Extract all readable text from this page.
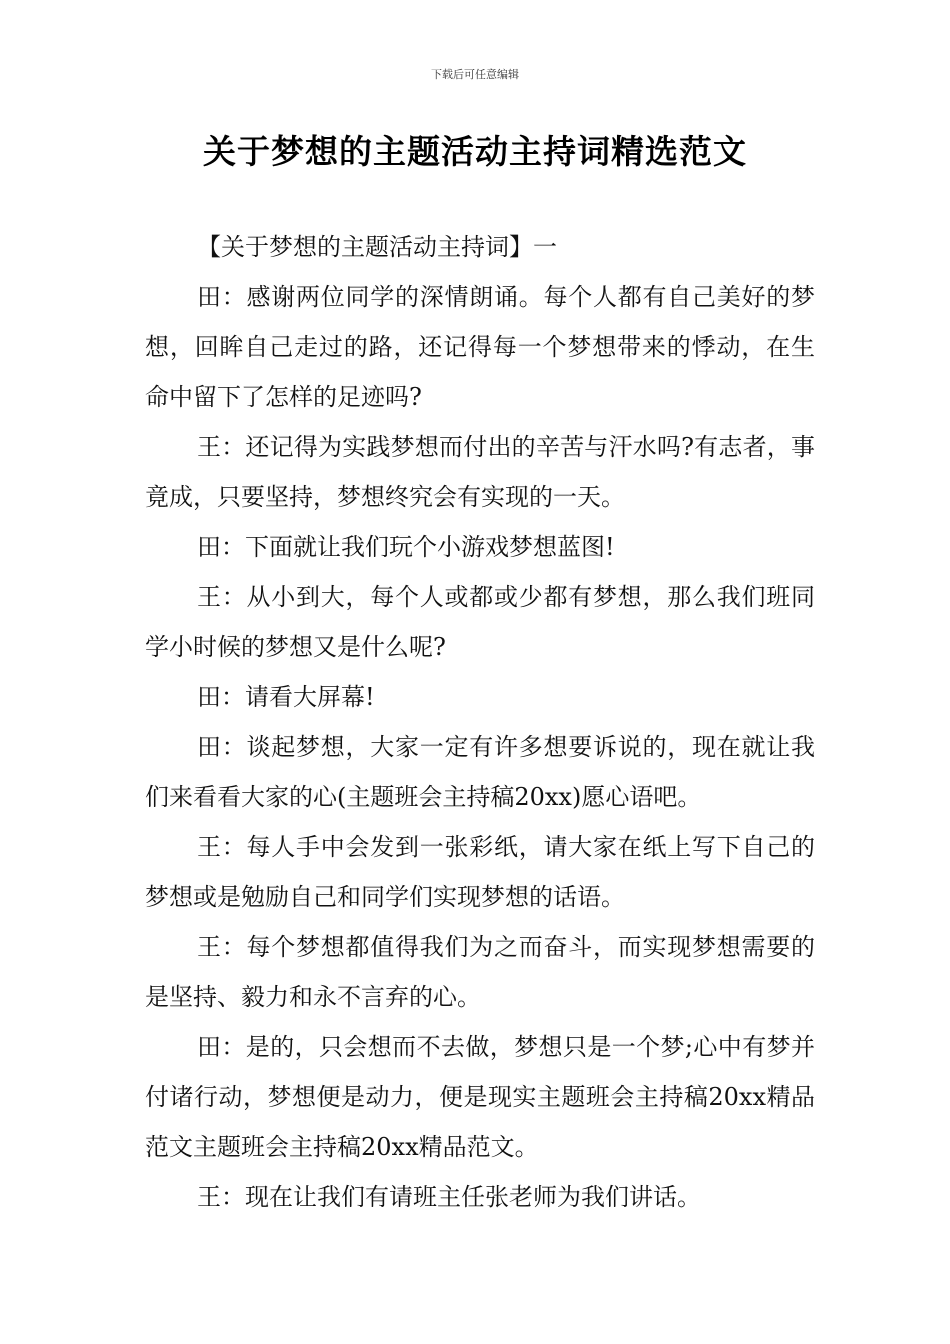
下载后可任意编辑
关于梦想的主题活动主持词精选范文

【关于梦想的主题活动主持词】一

田：感谢两位同学的深情朗诵。每个人都有自己美好的梦想，回眸自己走过的路，还记得每一个梦想带来的悸动，在生命中留下了怎样的足迹吗?

王：还记得为实践梦想而付出的辛苦与汗水吗?有志者，事竟成，只要坚持，梦想终究会有实现的一天。

田：下面就让我们玩个小游戏梦想蓝图!

王：从小到大，每个人或都或少都有梦想，那么我们班同学小时候的梦想又是什么呢?

田：请看大屏幕!

田：谈起梦想，大家一定有许多想要诉说的，现在就让我们来看看大家的心(主题班会主持稿20xx)愿心语吧。

王：每人手中会发到一张彩纸，请大家在纸上写下自己的梦想或是勉励自己和同学们实现梦想的话语。

王：每个梦想都值得我们为之而奋斗，而实现梦想需要的是坚持、毅力和永不言弃的心。

田：是的，只会想而不去做，梦想只是一个梦;心中有梦并付诸行动，梦想便是动力，便是现实主题班会主持稿20xx精品范文主题班会主持稿20xx精品范文。

王：现在让我们有请班主任张老师为我们讲话。
